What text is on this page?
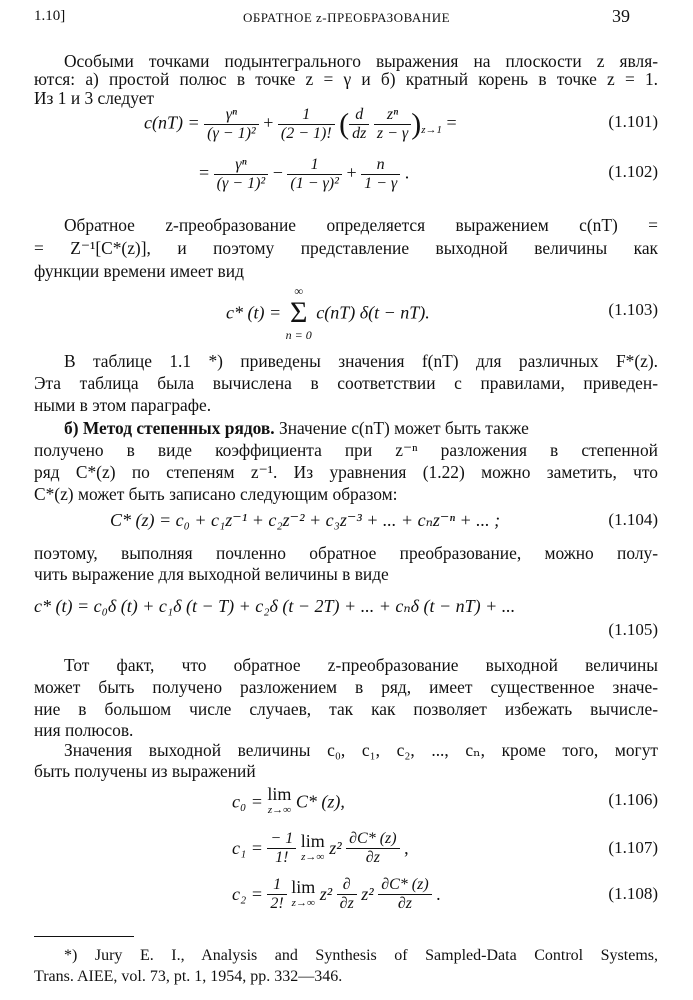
1.10]	ОБРАТНОЕ z-ПРЕОБРАЗОВАНИЕ	39
Особыми точками подынтегрального выражения на плоскости z явля-
ются: а) простой полюс в точке z = γ и б) кратный корень в точке z = 1.
Из 1 и 3 следует
$c(nT) = \frac{\text{γⁿ}}{\text{(γ − 1)²}} + \frac{1}{(2 - 1)!}$ ( $\frac{d}{dz}$
$\frac{\text{zⁿ}}{z - \gamma} )_{z\to 1}$ =	(1.101)
= $\frac{\text{γⁿ}}{\text{(γ − 1)²}} - \frac{1}{\text{(1 − γ)²}} + \frac{n}{1 - \gamma}$ .	(1.102)
Обратное z-преобразование определяется выражением c(nT) =
= Z⁻¹[C*(z)], и поэтому представление выходной величины как
функции времени имеет вид
c* (t) =
∞
Σ
n = 0
c(nT) δ(t − nT).	(1.103)
В таблице 1.1 *) приведены значения f(nT) для различных F*(z).
Эта таблица была вычислена в соответствии с правилами, приведен-
ными в этом параграфе.
б) Метод степенных рядов. Значение c(nT) может быть также
получено в виде коэффициента при z⁻ⁿ разложения в степенной
ряд C*(z) по степеням z⁻¹. Из уравнения (1.22) можно заметить, что
C*(z) может быть записано следующим образом:
C* (z) = c₀ + c₁z⁻¹ + c₂z⁻² + c₃z⁻³ + ... + cₙz⁻ⁿ + ... ;	(1.104)
поэтому, выполняя почленно обратное преобразование, можно полу-
чить выражение для выходной величины в виде
c* (t) = c₀δ (t) + c₁δ (t − T) + c₂δ (t − 2T) + ... + cₙδ (t − nT) + ...
(1.105)
Тот факт, что обратное z-преобразование выходной величины
может быть получено разложением в ряд, имеет существенное значе-
ние в большом числе случаев, так как позволяет избежать вычисле-
ния полюсов.
Значения выходной величины c₀, c₁, c₂, ..., cₙ, кроме того, могут
быть получены из выражений
c₀ = lim
z→∞ C* (z),	(1.106)
$c_1 = \frac{- 1}{1!}$ lim
z→∞ $z^2 \frac{\partial C* (z)}{\partial z}$ ,	(1.107)
$c_2 = \frac{1}{2!}$ lim
z→∞ $z^2 \frac{\partial}{\partial z} z^2 \frac{\partial C* (z)}{\partial z}$ .	(1.108)
*) Jury E. I., Analysis and Synthesis of Sampled-Data Control Systems,
Trans. AIEE, vol. 73, pt. 1, 1954, pp. 332—346.
